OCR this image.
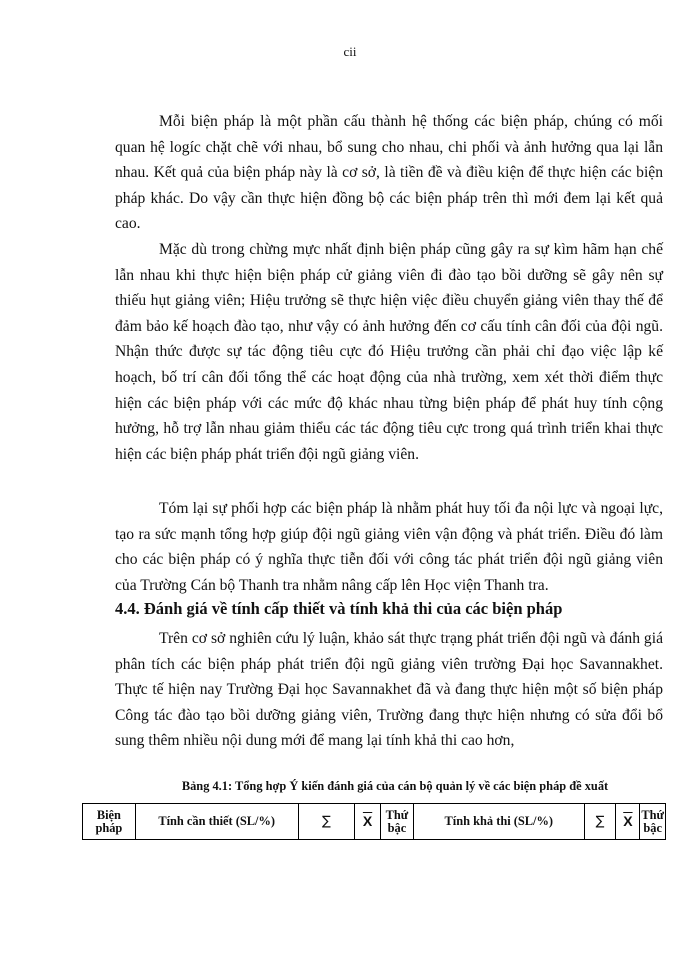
cii

Mỗi biện pháp là một phần cấu thành hệ thống các biện pháp, chúng có mối quan hệ logíc chặt chẽ với nhau, bổ sung cho nhau, chi phối và ảnh hưởng qua lại lẫn nhau. Kết quả của biện pháp này là cơ sở, là tiền đề và điều kiện để thực hiện các biện pháp khác. Do vậy cần thực hiện đồng bộ các biện pháp trên thì mới đem lại kết quả cao.

Mặc dù trong chừng mực nhất định biện pháp cũng gây ra sự kìm hãm hạn chế lẫn nhau khi thực hiện biện pháp cử giảng viên đi đào tạo bồi dưỡng sẽ gây nên sự thiếu hụt giảng viên; Hiệu trưởng sẽ thực hiện việc điều chuyển giảng viên thay thế để đảm bảo kế hoạch đào tạo, như vậy có ảnh hưởng đến cơ cấu tính cân đối của đội ngũ. Nhận thức được sự tác động tiêu cực đó Hiệu trưởng cần phải chỉ đạo việc lập kế hoạch, bố trí cân đối tổng thể các hoạt động của nhà trường, xem xét thời điểm thực hiện các biện pháp với các mức độ khác nhau từng biện pháp để phát huy tính cộng hưởng, hỗ trợ lẫn nhau giảm thiểu các tác động tiêu cực trong quá trình triển khai thực hiện các biện pháp phát triển đội ngũ giảng viên.

Tóm lại sự phối hợp các biện pháp là nhằm phát huy tối đa nội lực và ngoại lực, tạo ra sức mạnh tổng hợp giúp đội ngũ giảng viên vận động và phát triển. Điều đó làm cho các biện pháp có ý nghĩa thực tiễn đối với công tác phát triển đội ngũ giảng viên của Trường Cán bộ Thanh tra nhằm nâng cấp lên Học viện Thanh tra.

4.4. Đánh giá về tính cấp thiết và tính khả thi của các biện pháp

Trên cơ sở nghiên cứu lý luận, khảo sát thực trạng phát triển đội ngũ và đánh giá phân tích các biện pháp phát triển đội ngũ giảng viên trường Đại học Savannakhet. Thực tế hiện nay Trường Đại học Savannakhet đã và đang thực hiện một số biện pháp Công tác đào tạo bồi dưỡng giảng viên, Trường đang thực hiện nhưng có sửa đổi bổ sung thêm nhiều nội dung mới để mang lại tính khả thi cao hơn,

Bảng 4.1: Tổng hợp Ý kiến đánh giá của cán bộ quản lý về các biện pháp đề xuất
Biện pháp	Tính cần thiết (SL/%)	∑	$\overline{X}$	Thứ bậc	Tính khả thi (SL/%)	∑	$\overline{X}$	Thứ bậc
